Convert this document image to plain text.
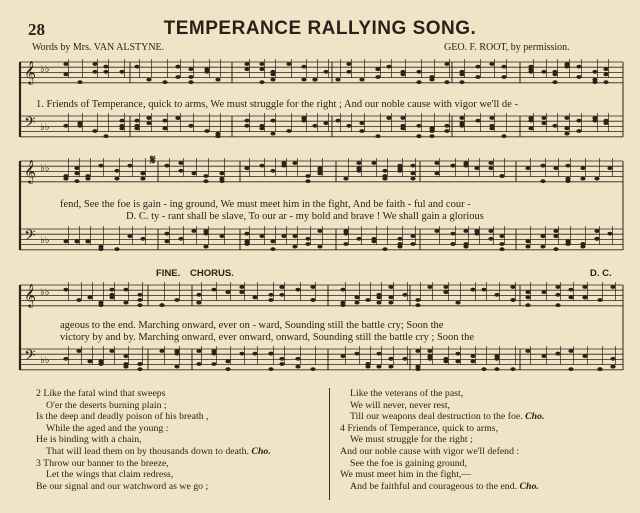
28	TEMPERANCE RALLYING SONG.
Words by Mrs. VAN ALSTYNE.	GEO. F. ROOT, by permission.
𝄞
𝄢
♭♭
♭♭
𝄞
𝄢
♭♭
♭♭
𝄞
𝄢
♭♭
♭♭
1. Friends of Temperance, quick to arms, We must struggle for the right ; And our noble cause with vigor we'll de -
𝄋
fend, See the foe is gain - ing ground, We must meet him in the fight, And be faith - ful and cour -
D. C. ty - rant shall be slave, To our ar - my bold and brave ! We shall gain a glorious
FINE. CHORUS.	D. C.
ageous to the end. Marching onward, ever on - ward, Sounding still the battle cry; Soon the
victory by and by. Marching onward, ever onward, onward, Sounding still the battle cry ; Soon the
2 Like the fatal wind that sweeps
O'er the deserts burning plain ;
Is the deep and deadly poison of his breath ,
While the aged and the young :
He is binding with a chain,
That will lead them on by thousands down to death. Cho.
3 Throw our banner to the breeze,
Let the wings that claim redress,
Be our signal and our watchword as we go ;
Like the veterans of the past,
We will never, never rest,
Till our weapons deal destruction to the foe. Cho.
4 Friends of Temperance, quick to arms,
We must struggle for the right ;
And our noble cause with vigor we'll defend :
See the foe is gaining ground,
We must meet him in the fight,—
And be faithful and courageous to the end. Cho.
